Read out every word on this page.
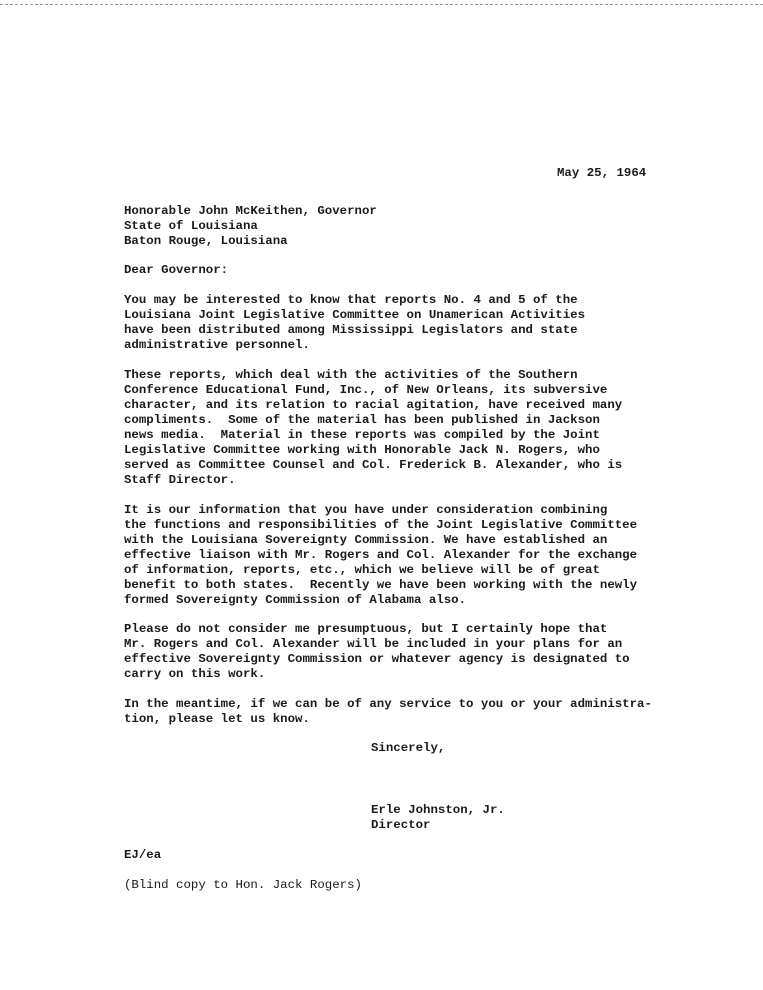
May 25, 1964
Honorable John McKeithen, Governor
State of Louisiana
Baton Rouge, Louisiana
Dear Governor:
You may be interested to know that reports No. 4 and 5 of the
Louisiana Joint Legislative Committee on Unamerican Activities
have been distributed among Mississippi Legislators and state
administrative personnel.
These reports, which deal with the activities of the Southern
Conference Educational Fund, Inc., of New Orleans, its subversive
character, and its relation to racial agitation, have received many
compliments.  Some of the material has been published in Jackson
news media.  Material in these reports was compiled by the Joint
Legislative Committee working with Honorable Jack N. Rogers, who
served as Committee Counsel and Col. Frederick B. Alexander, who is
Staff Director.
It is our information that you have under consideration combining
the functions and responsibilities of the Joint Legislative Committee
with the Louisiana Sovereignty Commission. We have established an
effective liaison with Mr. Rogers and Col. Alexander for the exchange
of information, reports, etc., which we believe will be of great
benefit to both states.  Recently we have been working with the newly
formed Sovereignty Commission of Alabama also.
Please do not consider me presumptuous, but I certainly hope that
Mr. Rogers and Col. Alexander will be included in your plans for an
effective Sovereignty Commission or whatever agency is designated to
carry on this work.
In the meantime, if we can be of any service to you or your administra-
tion, please let us know.
Sincerely,
Erle Johnston, Jr.
Director
EJ/ea
(Blind copy to Hon. Jack Rogers)
